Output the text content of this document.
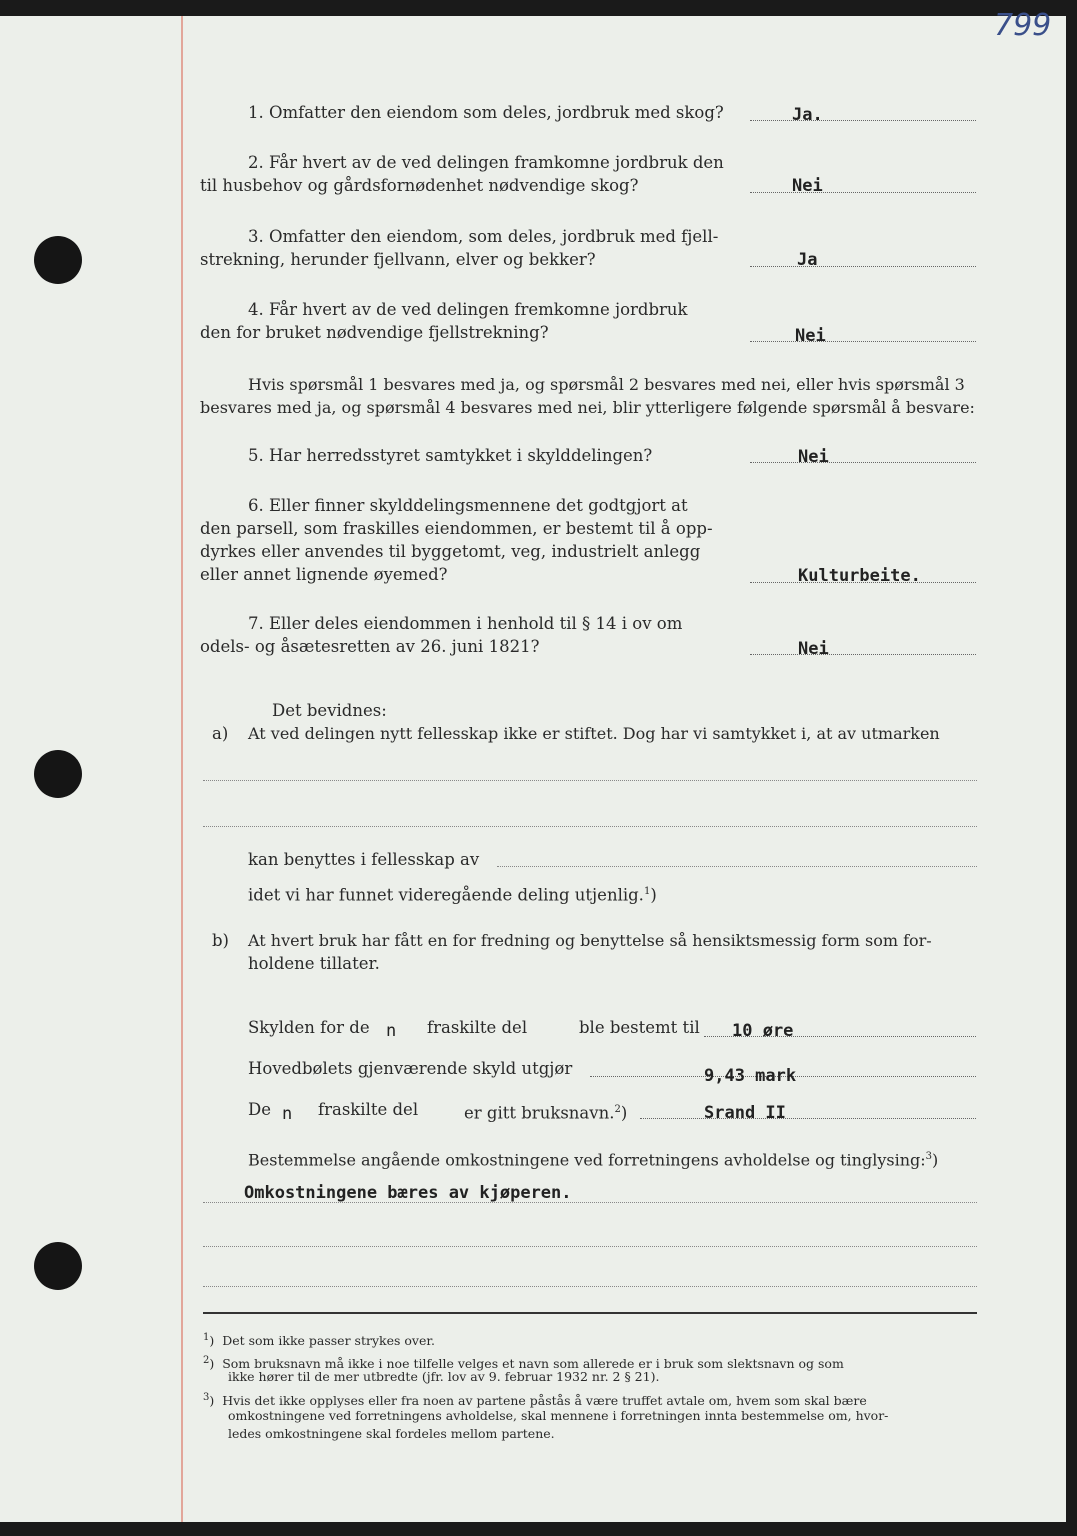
799
1. Omfatter den eiendom som deles, jordbruk med skog?	Ja.
2. Får hvert av de ved delingen framkomne jordbruk den
til husbehov og gårdsfornødenhet nødvendige skog?	Nei
3. Omfatter den eiendom, som deles, jordbruk med fjell-
strekning, herunder fjellvann, elver og bekker?	Ja
4. Får hvert av de ved delingen fremkomne jordbruk
den for bruket nødvendige fjellstrekning?	Nei
Hvis spørsmål 1 besvares med ja, og spørsmål 2 besvares med nei, eller hvis spørsmål 3
besvares med ja, og spørsmål 4 besvares med nei, blir ytterligere følgende spørsmål å besvare:
5. Har herredsstyret samtykket i skylddelingen?	Nei
6. Eller finner skylddelingsmennene det godtgjort at
den parsell, som fraskilles eiendommen, er bestemt til å opp-
dyrkes eller anvendes til byggetomt, veg, industrielt anlegg
eller annet lignende øyemed?	Kulturbeite.
7. Eller deles eiendommen i henhold til § 14 i ov om
odels- og åsætesretten av 26. juni 1821?	Nei
Det bevidnes:
a) At ved delingen nytt fellesskap ikke er stiftet. Dog har vi samtykket i, at av utmarken
kan benyttes i fellesskap av
idet vi har funnet videregående deling utjenlig.$^1$)
b) At hvert bruk har fått en for fredning og benyttelse så hensiktsmessig form som for-
holdene tillater.
Skylden for de n fraskilte del	ble bestemt til 10 øre
Hovedbølets gjenværende skyld utgjør	9,43 mark
De n fraskilte del	er gitt bruksnavn.$^2$)	Srand II
Bestemmelse angående omkostningene ved forretningens avholdelse og tinglysing:$^3$)
Omkostningene bæres av kjøperen.
$^1$)  Det som ikke passer strykes over.
$^2$)  Som bruksnavn må ikke i noe tilfelle velges et navn som allerede er i bruk som slektsnavn og som
ikke hører til de mer utbredte (jfr. lov av 9. februar 1932 nr. 2 § 21).
$^3$)  Hvis det ikke opplyses eller fra noen av partene påstås å være truffet avtale om, hvem som skal bære
omkostningene ved forretningens avholdelse, skal mennene i forretningen innta bestemmelse om, hvor-
ledes omkostningene skal fordeles mellom partene.
